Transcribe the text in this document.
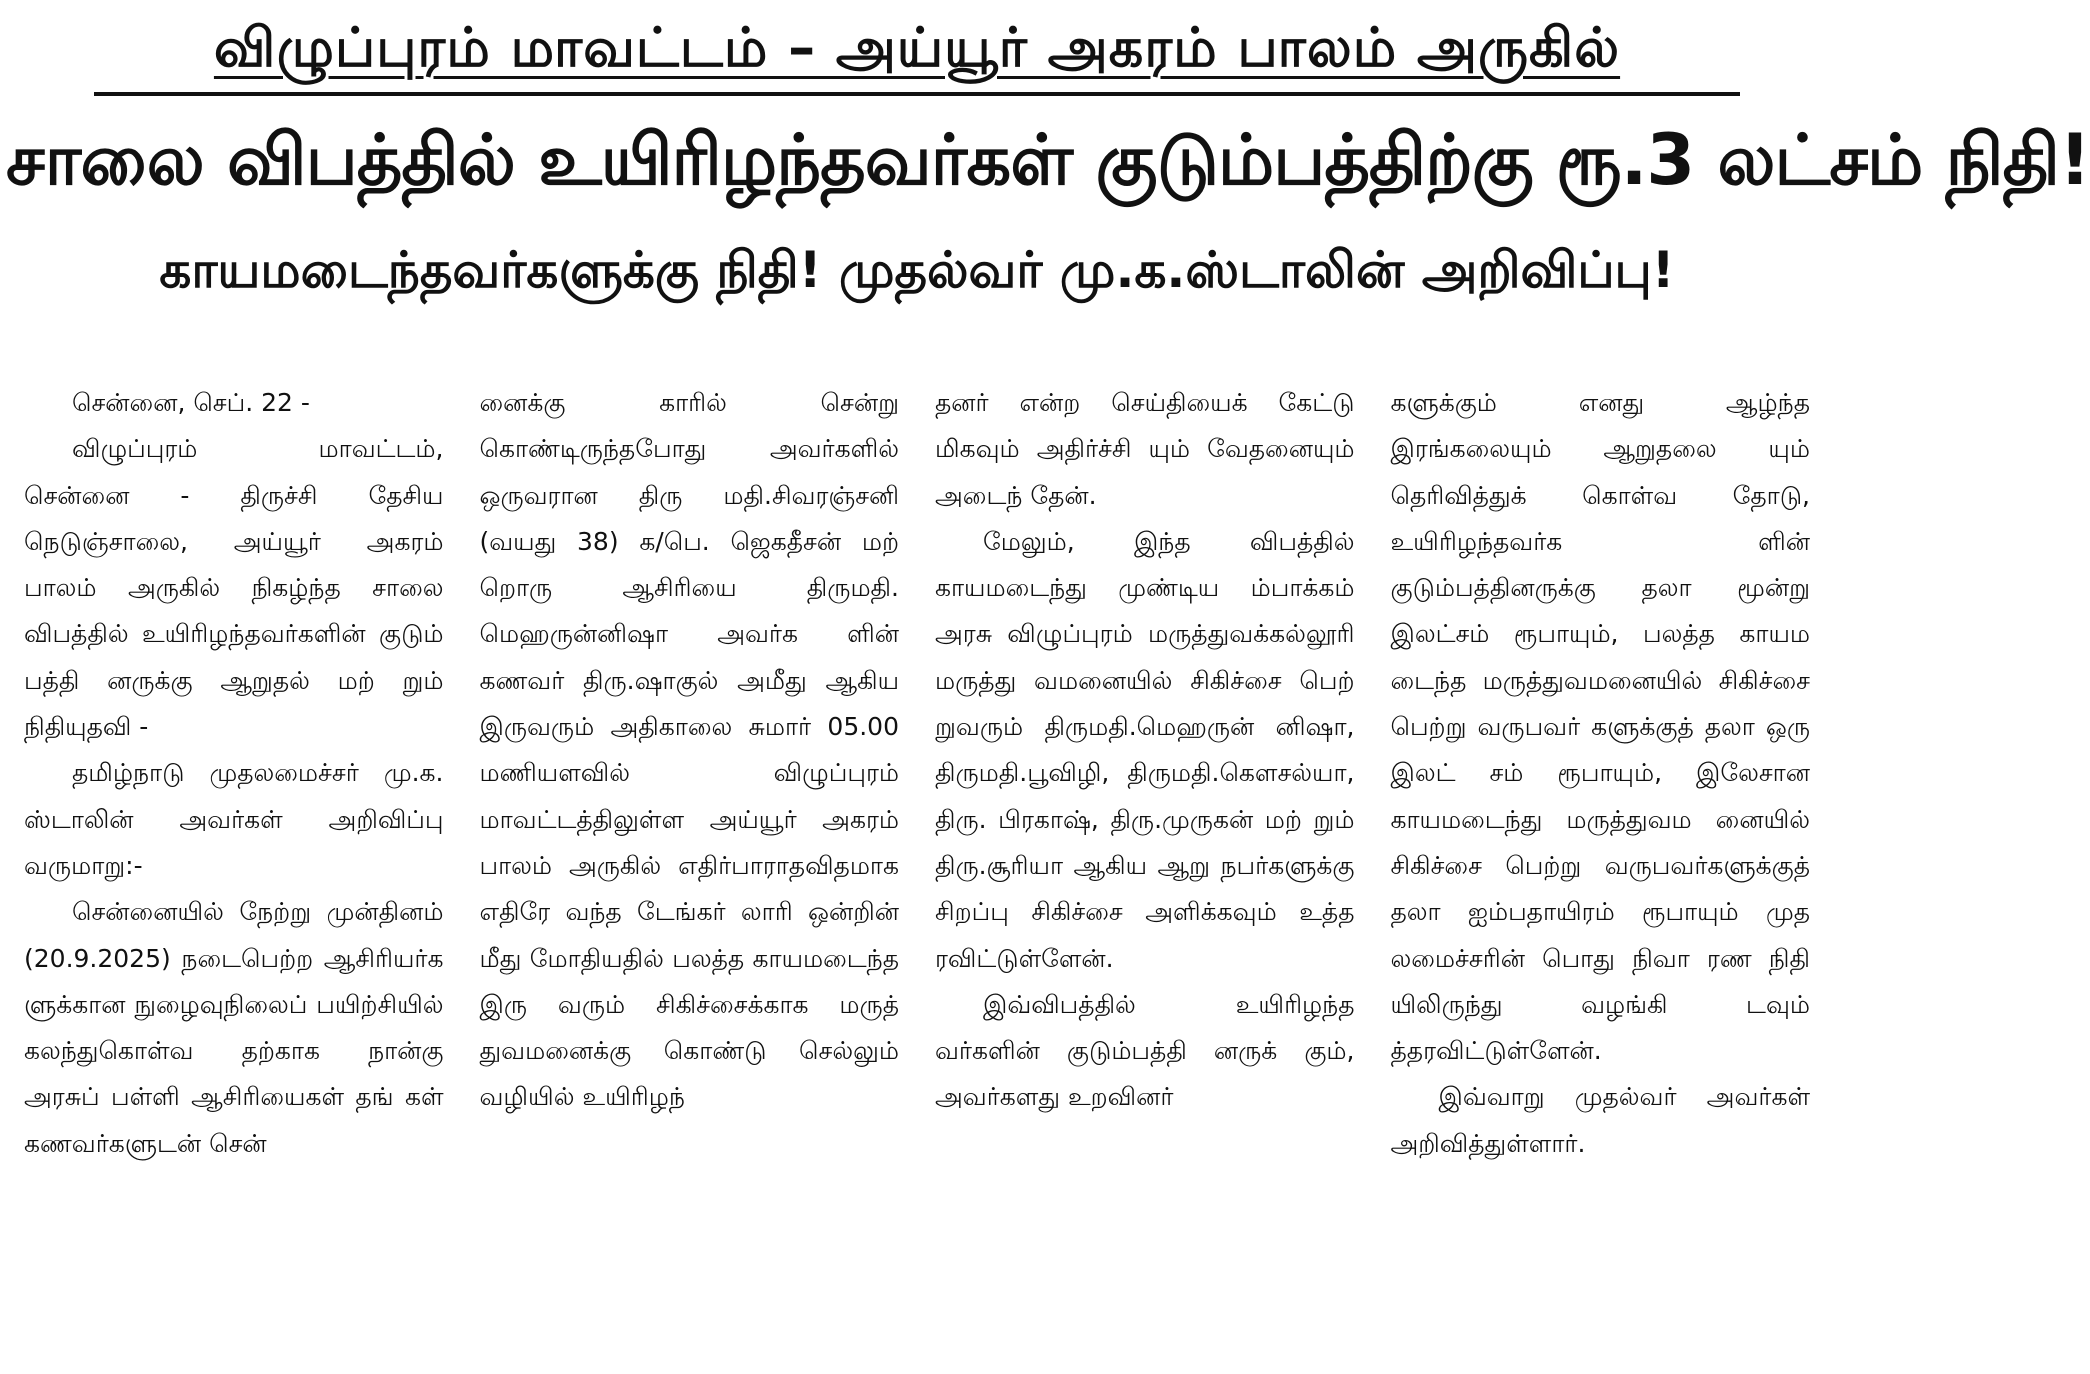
விழுப்புரம் மாவட்டம் – அய்யூர் அகரம் பாலம் அருகில்
சாலை விபத்தில் உயிரிழந்தவர்கள் குடும்பத்திற்கு ரூ.3 லட்சம் நிதி!
காயமடைந்தவர்களுக்கு நிதி! முதல்வர் மு.க.ஸ்டாலின் அறிவிப்பு!

சென்னை, செப். 22 -

விழுப்புரம் மாவட்டம், சென்னை - திருச்சி தேசிய நெடுஞ்சாலை, அய்யூர் அகரம் பாலம் அருகில் நிகழ்ந்த சாலை விபத்தில் உயிரிழந்தவர்களின் குடும் பத்தி னருக்கு ஆறுதல் மற் றும் நிதியுதவி -

தமிழ்நாடு முதலமைச்சர் மு.க. ஸ்டாலின் அவர்கள் அறிவிப்பு வருமாறு:-

சென்னையில் நேற்று முன்தினம் (20.9.2025) நடைபெற்ற ஆசிரியர்க ளுக்கான நுழைவுநிலைப் பயிற்சியில் கலந்துகொள்வ தற்காக நான்கு அரசுப் பள்ளி ஆசிரியைகள் தங் கள் கணவர்களுடன் சென்

னைக்கு காரில் சென்று கொண்டிருந்தபோது அவர்களில் ஒருவரான திரு மதி.சிவரஞ்சனி (வயது 38) க/பெ. ஜெகதீசன் மற் றொரு ஆசிரியை திருமதி. மெஹருன்னிஷா அவர்க ளின் கணவர் திரு.ஷாகுல் அமீது ஆகிய இருவரும் அதிகாலை சுமார் 05.00 மணியளவில் விழுப்புரம் மாவட்டத்திலுள்ள அய்யூர் அகரம் பாலம் அருகில் எதிர்பாராதவிதமாக எதிரே வந்த டேங்கர் லாரி ஒன்றின் மீது மோதியதில் பலத்த காயமடைந்த இரு வரும் சிகிச்சைக்காக மருத் துவமனைக்கு கொண்டு செல்லும் வழியில் உயிரிழந்

தனர் என்ற செய்தியைக் கேட்டு மிகவும் அதிர்ச்சி யும் வேதனையும் அடைந் தேன்.

மேலும், இந்த விபத்தில் காயமடைந்து முண்டிய ம்பாக்கம் அரசு விழுப்புரம் மருத்துவக்கல்லூரி மருத்து வமனையில் சிகிச்சை பெற் றுவரும் திருமதி.மெஹருன் னிஷா, திருமதி.பூவிழி, திருமதி.கௌசல்யா, திரு. பிரகாஷ், திரு.முருகன் மற் றும் திரு.சூரியா ஆகிய ஆறு நபர்களுக்கு சிறப்பு சிகிச்சை அளிக்கவும் உத்த ரவிட்டுள்ளேன்.

இவ்விபத்தில் உயிரிழந்த வர்களின் குடும்பத்தி னருக் கும், அவர்களது உறவினர்

களுக்கும் எனது ஆழ்ந்த இரங்கலையும் ஆறுதலை யும் தெரிவித்துக் கொள்வ தோடு, உயிரிழந்தவர்க ளின் குடும்பத்தினருக்கு தலா மூன்று இலட்சம் ரூபாயும், பலத்த காயம டைந்த மருத்துவமனையில் சிகிச்சை பெற்று வருபவர் களுக்குத் தலா ஒரு இலட் சம் ரூபாயும், இலேசான காயமடைந்து மருத்துவம னையில் சிகிச்சை பெற்று வருபவர்களுக்குத் தலா ஐம்பதாயிரம் ரூபாயும் முத லமைச்சரின் பொது நிவா ரண நிதி யிலிருந்து வழங்கி டவும் த்தரவிட்டுள்ளேன்.

இவ்வாறு முதல்வர் அவர்கள் அறிவித்துள்ளார்.
